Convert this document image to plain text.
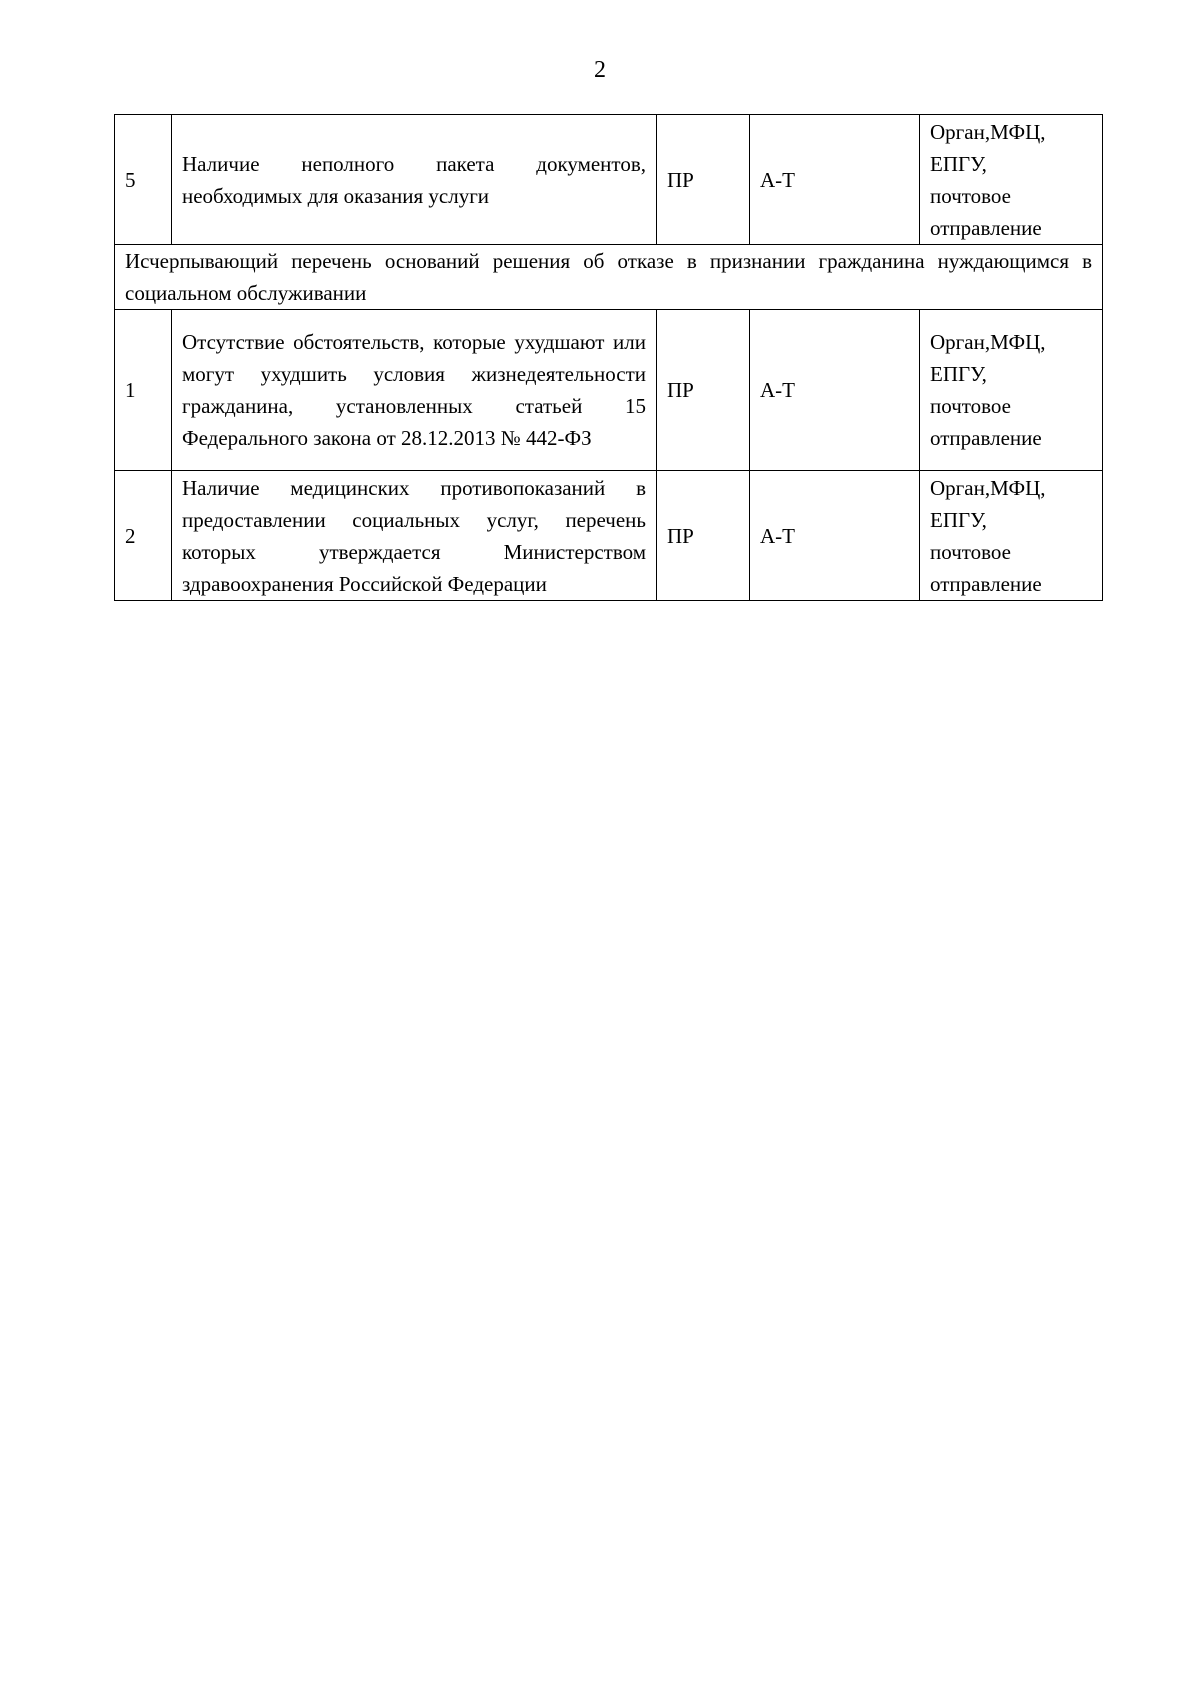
2
5	Наличие неполного пакета документов, необходимых для оказания услуги	ПР	А-Т	Орган,МФЦ,
ЕПГУ,
почтовое
отправление

Исчерпывающий перечень оснований решения об отказе в признании гражданина нуждающимся в социальном обслуживании				
1	Отсутствие обстоятельств, которые ухудшают или могут ухудшить условия жизнедеятельности гражданина, установленных статьей 15 Федерального закона от 28.12.2013 № 442-ФЗ	ПР	А-Т	Орган,МФЦ,
ЕПГУ,
почтовое
отправление

2	Наличие медицинских противопоказаний в предоставлении социальных услуг, перечень которых утверждается Министерством здравоохранения Российской Федерации	ПР	А-Т	Орган,МФЦ,
ЕПГУ,
почтовое
отправление
